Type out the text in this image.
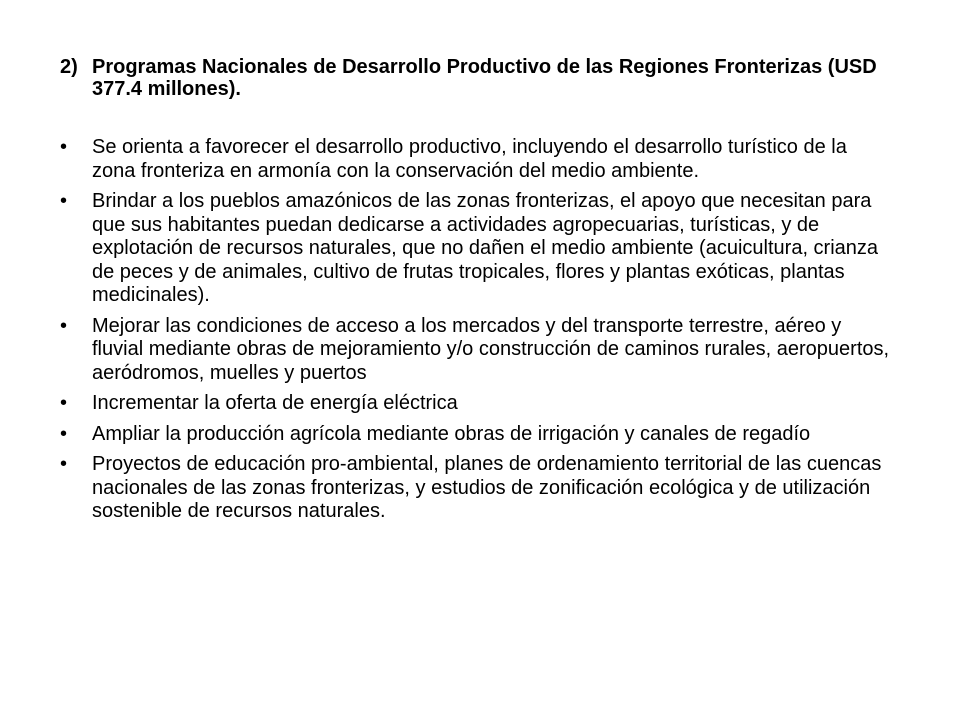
2) Programas Nacionales de Desarrollo Productivo de las Regiones Fronterizas (USD 377.4 millones).
•	Se orienta a favorecer el desarrollo productivo, incluyendo el desarrollo turístico de la zona fronteriza en armonía con la conservación del medio ambiente.
•	Brindar a los pueblos amazónicos de las zonas fronterizas, el apoyo que necesitan para que sus habitantes puedan dedicarse a actividades agropecuarias, turísticas, y de explotación de recursos naturales, que no dañen el medio ambiente (acuicultura, crianza de peces y de animales, cultivo de frutas tropicales, flores y plantas exóticas, plantas medicinales).
•	Mejorar las condiciones de acceso a los mercados y del transporte terrestre, aéreo y fluvial mediante obras de mejoramiento y/o construcción de caminos rurales, aeropuertos, aeródromos, muelles y puertos
•	Incrementar la oferta de energía eléctrica
•	Ampliar la producción agrícola mediante obras de irrigación y canales de regadío
•	Proyectos de educación pro-ambiental, planes de ordenamiento territorial de las cuencas nacionales de las zonas fronterizas, y estudios de zonificación ecológica y de utilización sostenible de recursos naturales.
